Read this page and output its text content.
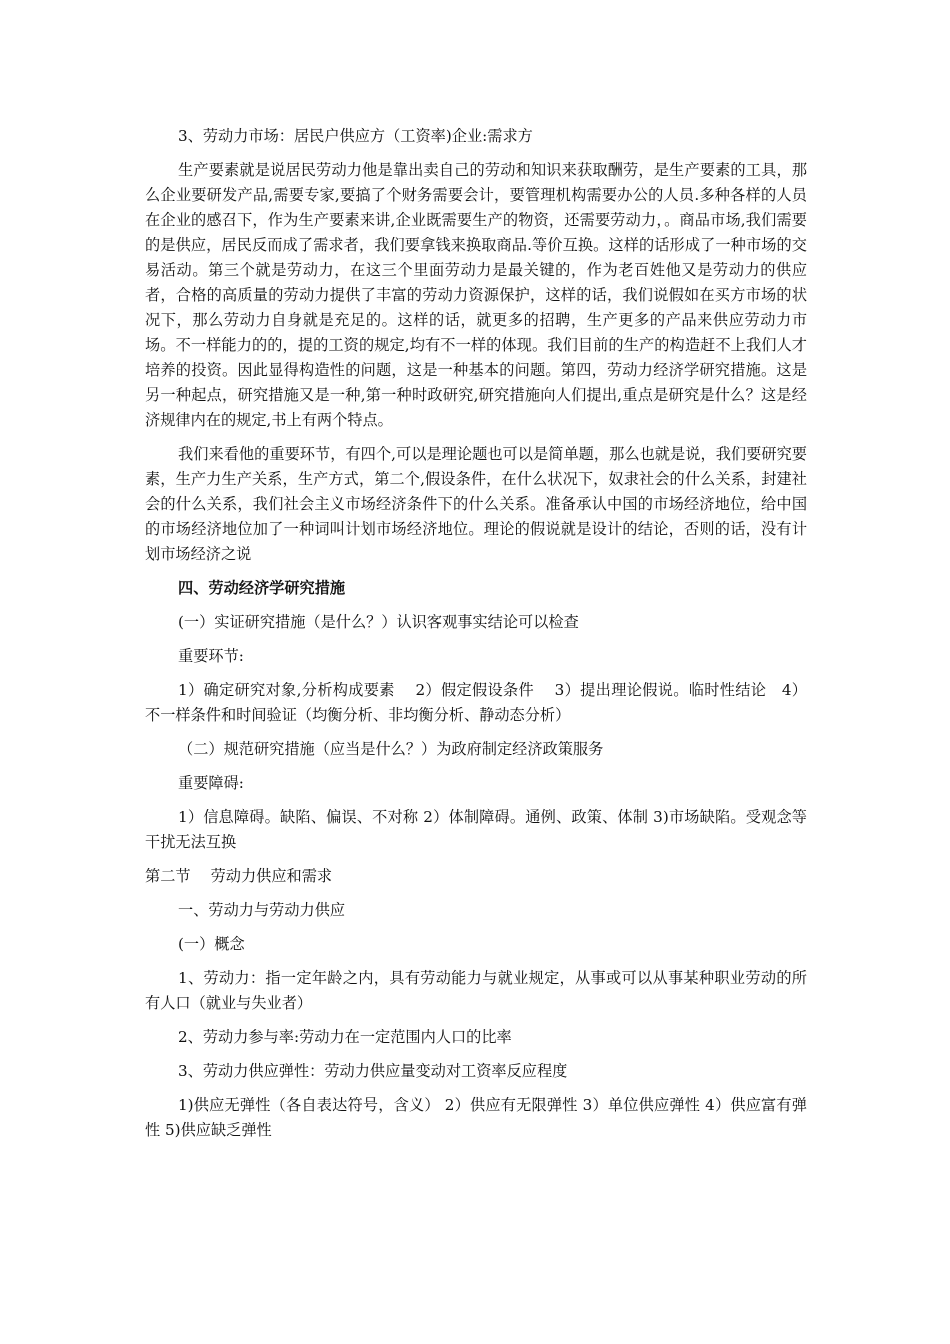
3、劳动力市场：居民户供应方（工资率)企业:需求方

生产要素就是说居民劳动力他是靠出卖自己的劳动和知识来获取酬劳，是生产要素的工具，那么企业要研发产品,需要专家,要搞了个财务需要会计，要管理机构需要办公的人员.多种各样的人员在企业的感召下，作为生产要素来讲,企业既需要生产的物资，还需要劳动力，。商品市场,我们需要的是供应，居民反而成了需求者，我们要拿钱来换取商品.等价互换。这样的话形成了一种市场的交易活动。第三个就是劳动力，在这三个里面劳动力是最关键的，作为老百姓他又是劳动力的供应者，合格的高质量的劳动力提供了丰富的劳动力资源保护，这样的话，我们说假如在买方市场的状况下，那么劳动力自身就是充足的。这样的话，就更多的招聘，生产更多的产品来供应劳动力市场。不一样能力的的，提的工资的规定,均有不一样的体现。我们目前的生产的构造赶不上我们人才培养的投资。因此显得构造性的问题，这是一种基本的问题。第四，劳动力经济学研究措施。这是另一种起点，研究措施又是一种,第一种时政研究,研究措施向人们提出,重点是研究是什么？这是经济规律内在的规定,书上有两个特点。

我们来看他的重要环节，有四个,可以是理论题也可以是简单题，那么也就是说，我们要研究要素，生产力生产关系，生产方式，第二个,假设条件，在什么状况下，奴隶社会的什么关系，封建社会的什么关系，我们社会主义市场经济条件下的什么关系。准备承认中国的市场经济地位，给中国的市场经济地位加了一种词叫计划市场经济地位。理论的假说就是设计的结论，否则的话，没有计划市场经济之说

四、劳动经济学研究措施

(一）实证研究措施（是什么？）认识客观事实结论可以检查

重要环节:

1）确定研究对象,分析构成要素　 2）假定假设条件　 3）提出理论假说。临时性结论　4）不一样条件和时间验证（均衡分析、非均衡分析、静动态分析）

（二）规范研究措施（应当是什么？）为政府制定经济政策服务

重要障碍:

1）信息障碍。缺陷、偏误、不对称 2）体制障碍。通例、政策、体制 3)市场缺陷。受观念等干扰无法互换

第二节　 劳动力供应和需求

一、劳动力与劳动力供应

(一）概念

1、劳动力：指一定年龄之内，具有劳动能力与就业规定，从事或可以从事某种职业劳动的所有人口（就业与失业者）

2、劳动力参与率:劳动力在一定范围内人口的比率

3、劳动力供应弹性：劳动力供应量变动对工资率反应程度

1)供应无弹性（各自表达符号，含义） 2）供应有无限弹性 3）单位供应弹性 4）供应富有弹性 5)供应缺乏弹性
